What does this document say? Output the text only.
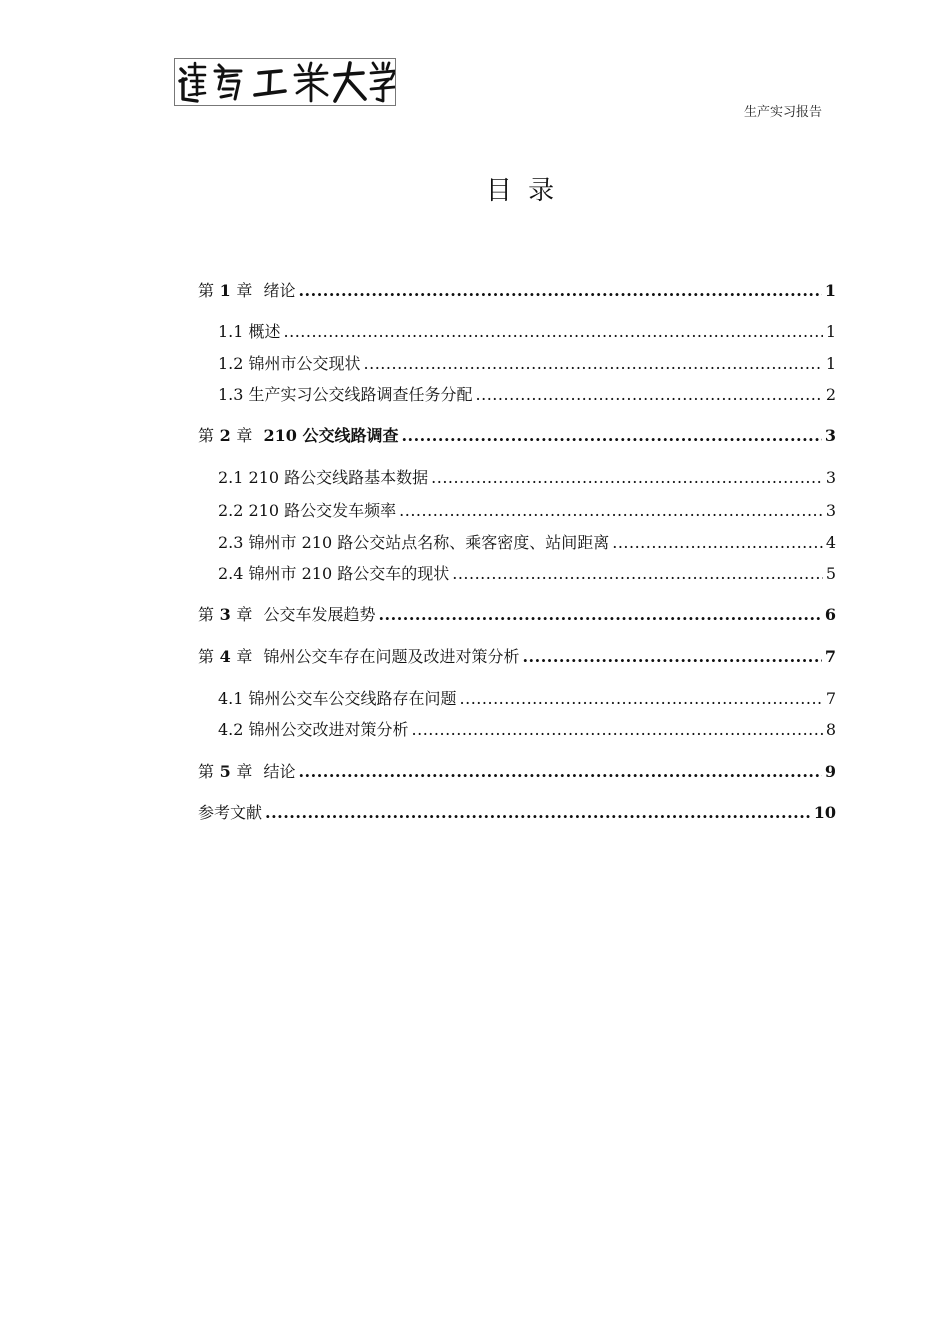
生产实习报告
目 录
第 1 章 绪论 .....	1
1.1 概述 .....	1
1.2 锦州市公交现状 .....	1
1.3 生产实习公交线路调查任务分配 .....	2
第 2 章 210 公交线路调查 .....	3
2.1 210 路公交线路基本数据 .....	3
2.2 210 路公交发车频率 .....	3
2.3 锦州市 210 路公交站点名称、乘客密度、站间距离 .....	4
2.4 锦州市 210 路公交车的现状 .....	5
第 3 章 公交车发展趋势 .....	6
第 4 章 锦州公交车存在问题及改进对策分析 .....	7
4.1 锦州公交车公交线路存在问题 .....	7
4.2 锦州公交改进对策分析 .....	8
第 5 章 结论 .....	9
参考文献 .....	10
